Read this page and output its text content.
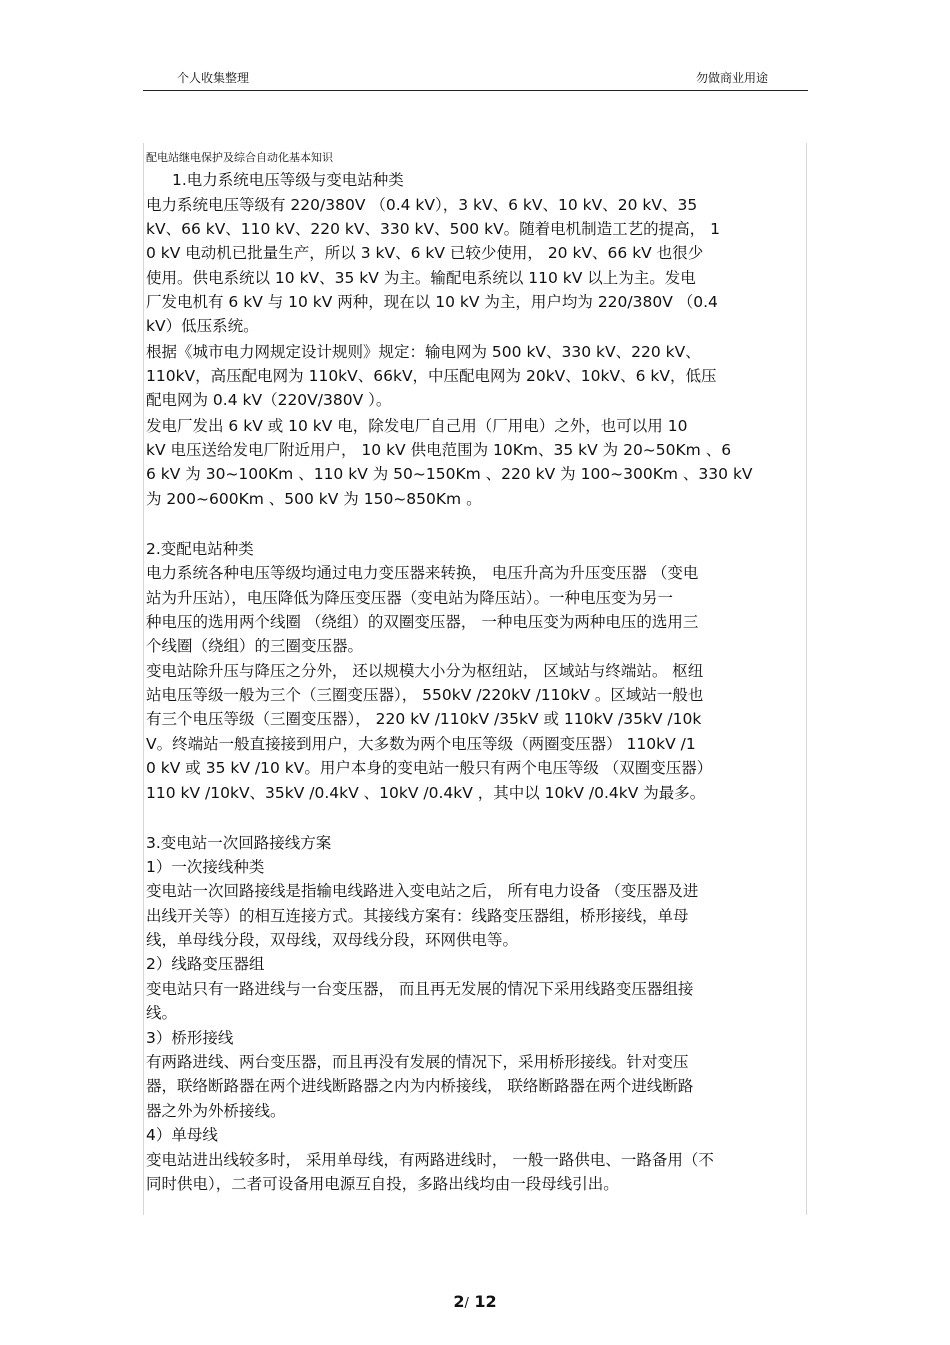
个人收集整理	勿做商业用途
配电站继电保护及综合自动化基本知识
1.电力系统电压等级与变电站种类
电力系统电压等级有 220/380V （0.4 kV），3 kV、6 kV、10 kV、20 kV、35
kV、66 kV、110 kV、220 kV、330 kV、500 kV。随着电机制造工艺的提高， 1
0 kV 电动机已批量生产，所以 3 kV、6 kV 已较少使用， 20 kV、66 kV 也很少
使用。供电系统以 10 kV、35 kV 为主。输配电系统以 110 kV 以上为主。发电
厂发电机有 6 kV 与 10 kV 两种，现在以 10 kV 为主，用户均为 220/380V （0.4
kV）低压系统。
根据《城市电力网规定设计规则》规定：输电网为 500 kV、330 kV、220 kV、
110kV，高压配电网为 110kV、66kV，中压配电网为 20kV、10kV、6 kV，低压
配电网为 0.4 kV（220V/380V ）。
发电厂发出 6 kV 或 10 kV 电，除发电厂自己用（厂用电）之外，也可以用 10
kV 电压送给发电厂附近用户， 10 kV 供电范围为 10Km、35 kV 为 20~50Km 、6
6 kV 为 30~100Km 、110 kV 为 50~150Km 、220 kV 为 100~300Km 、330 kV
为 200~600Km 、500 kV 为 150~850Km 。
2.变配电站种类
电力系统各种电压等级均通过电力变压器来转换， 电压升高为升压变压器 （变电
站为升压站），电压降低为降压变压器（变电站为降压站）。一种电压变为另一
种电压的选用两个线圈 （绕组）的双圈变压器， 一种电压变为两种电压的选用三
个线圈（绕组）的三圈变压器。
变电站除升压与降压之分外， 还以规模大小分为枢纽站， 区域站与终端站。 枢纽
站电压等级一般为三个（三圈变压器）， 550kV /220kV /110kV 。区域站一般也
有三个电压等级（三圈变压器）， 220 kV /110kV /35kV 或 110kV /35kV /10k
V。终端站一般直接接到用户，大多数为两个电压等级（两圈变压器） 110kV /1
0 kV 或 35 kV /10 kV。用户本身的变电站一般只有两个电压等级 （双圈变压器）
110 kV /10kV、35kV /0.4kV 、10kV /0.4kV ，其中以 10kV /0.4kV 为最多。
3.变电站一次回路接线方案
1）一次接线种类
变电站一次回路接线是指输电线路进入变电站之后， 所有电力设备 （变压器及进
出线开关等）的相互连接方式。其接线方案有：线路变压器组，桥形接线，单母
线，单母线分段，双母线，双母线分段，环网供电等。
2）线路变压器组
变电站只有一路进线与一台变压器， 而且再无发展的情况下采用线路变压器组接
线。
3）桥形接线
有两路进线、两台变压器，而且再没有发展的情况下，采用桥形接线。针对变压
器，联络断路器在两个进线断路器之内为内桥接线， 联络断路器在两个进线断路
器之外为外桥接线。
4）单母线
变电站进出线较多时， 采用单母线，有两路进线时， 一般一路供电、一路备用（不
同时供电），二者可设备用电源互自投，多路出线均由一段母线引出。
2/ 12
